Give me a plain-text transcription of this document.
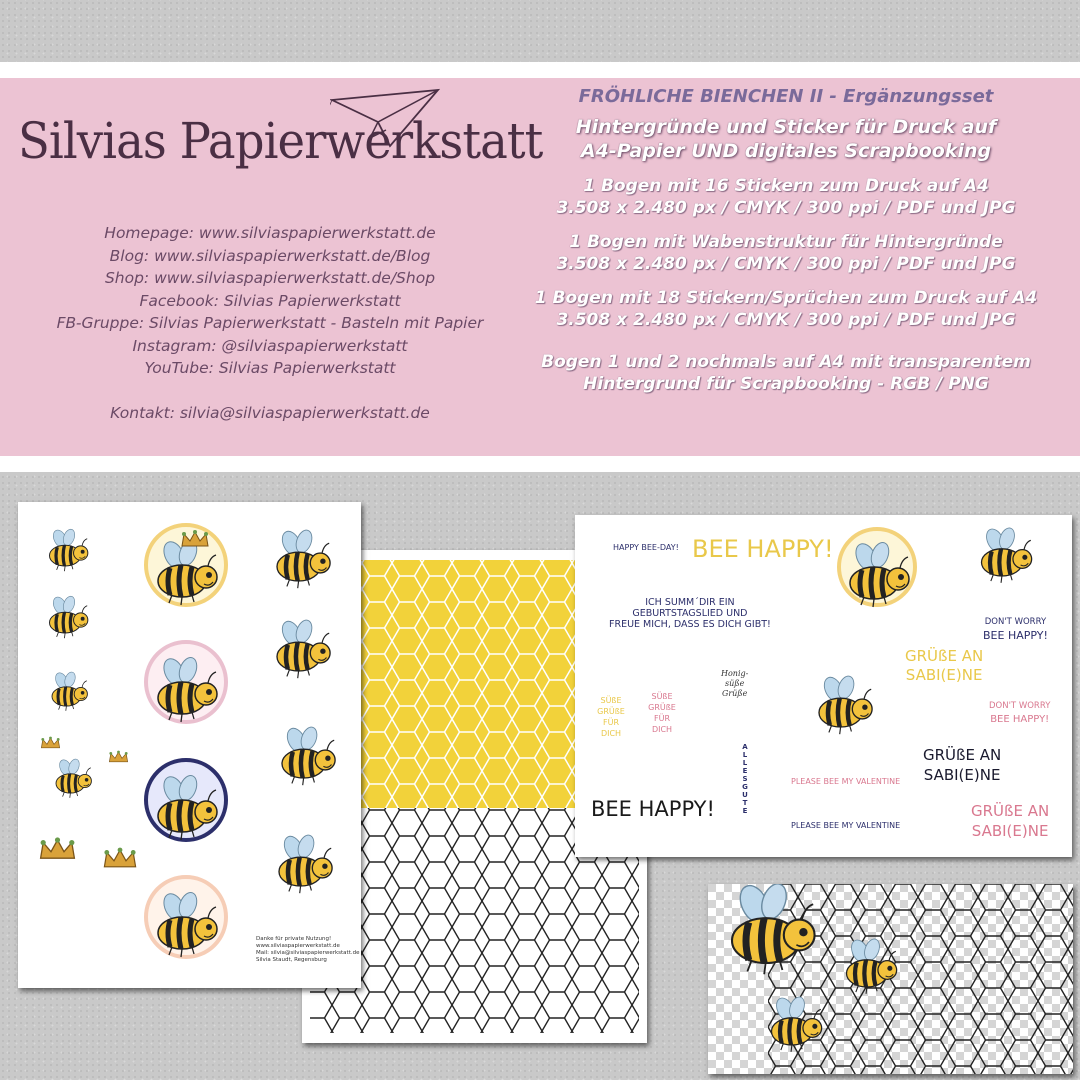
Silvias Papierwerkstatt
Homepage: www.silviaspapierwerkstatt.de
Blog: www.silviaspapierwerkstatt.de/Blog
Shop: www.silviaspapierwerkstatt.de/Shop
Facebook: Silvias Papierwerkstatt
FB-Gruppe: Silvias Papierwerkstatt - Basteln mit Papier
Instagram: @silviaspapierwerkstatt
YouTube: Silvias Papierwerkstatt
Kontakt: silvia@silviaspapierwerkstatt.de
FRÖHLICHE BIENCHEN II - Ergänzungsset
Hintergründe und Sticker für Druck auf
A4-Papier UND digitales Scrapbooking
1 Bogen mit 16 Stickern zum Druck auf A4
3.508 x 2.480 px / CMYK / 300 ppi / PDF und JPG
1 Bogen mit Wabenstruktur für Hintergründe
3.508 x 2.480 px / CMYK / 300 ppi / PDF und JPG
1 Bogen mit 18 Stickern/Sprüchen zum Druck auf A4
3.508 x 2.480 px / CMYK / 300 ppi / PDF und JPG
Bogen 1 und 2 nochmals auf A4 mit transparentem
Hintergrund für Scrapbooking - RGB / PNG
Danke für private Nutzung!
www.silviaspapierwerkstatt.de
Mail: silvia@silviaspapierwerkstatt.de
Silvia Staudt, Regensburg
HAPPY BEE-DAY! BEE HAPPY!
ICH SUMM´DIR EIN
GEBURTSTAGSLIED UND
FREUE MICH, DASS ES DICH GIBT!	DON'T WORRY
BEE HAPPY!
GRÜßE AN
SABI(E)NE
DON'T WORRY
BEE HAPPY!
Honig-
süße
Grüße
SÜßE GRÜßE FÜR DICH
SÜßE GRÜßE FÜR DICH
ALLES GUTE
GRÜßE AN
SABI(E)NE
PLEASE BEE MY VALENTINE
GRÜßE AN
SABI(E)NE
BEE HAPPY!
PLEASE BEE MY VALENTINE
